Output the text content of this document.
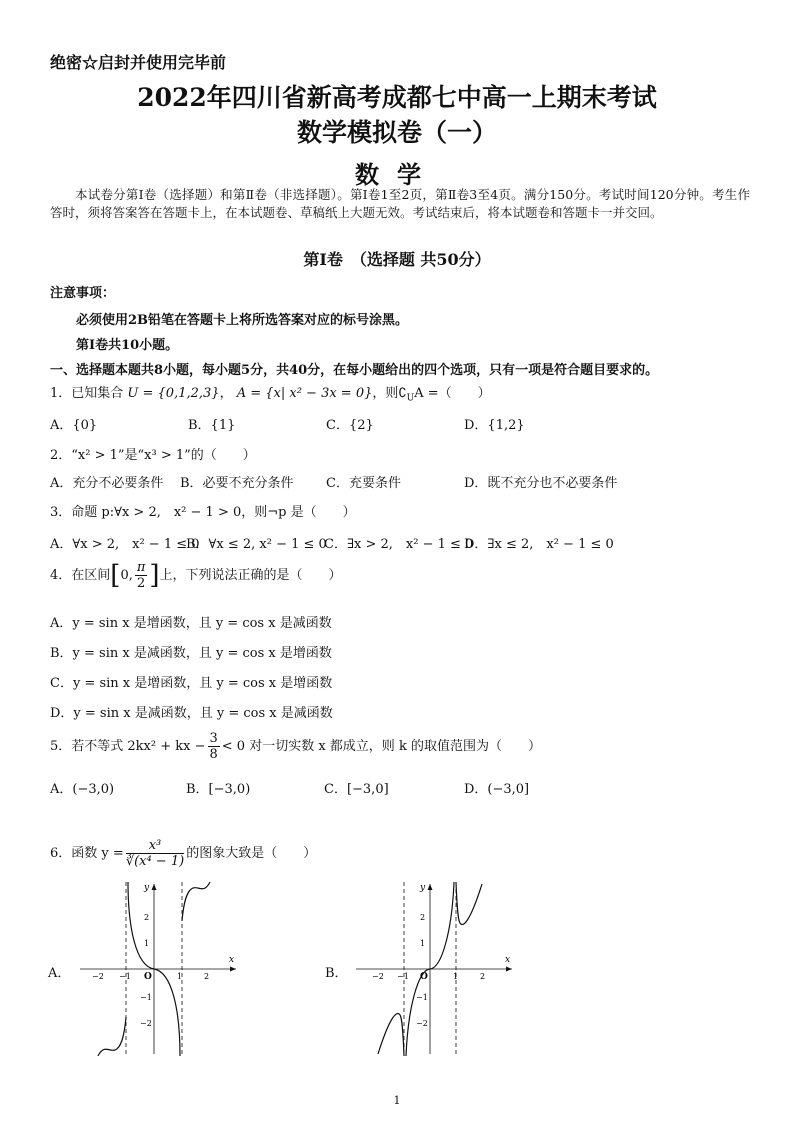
绝密☆启封并使用完毕前
2022年四川省新高考成都七中高一上期末考试
数学模拟卷（一）
数学
本试卷分第Ⅰ卷（选择题）和第Ⅱ卷（非选择题）。第Ⅰ卷1至2页，第Ⅱ卷3至4页。满分150分。考试时间120分钟。考生作答时，须将答案答在答题卡上，在本试题卷、草稿纸上大题无效。考试结束后，将本试题卷和答题卡一并交回。
第Ⅰ卷　（选择题 共50分）
注意事项：
必须使用2B铅笔在答题卡上将所选答案对应的标号涂黑。
第Ⅰ卷共10小题。
一、选择题本题共8小题，每小题5分，共40分，在每小题给出的四个选项，只有一项是符合题目要求的。
1．已知集合 U = {0,1,2,3}， A = {x| x² − 3x = 0}，则$∁_UA$ =（　　）
A．{0}	B．{1}	C．{2}	D．{1,2}
2．“x² > 1”是“x³ > 1”的（　　）
A．充分不必要条件 B．必要不充分条件 C．充要条件	D．既不充分也不必要条件
3．命题 p:∀x > 2,　x² − 1 > 0，则¬p 是（　　）
A．∀x > 2,　x² − 1 ≤ 0
B．∀x ≤ 2, x² − 1 ≤ 0
C．∃x > 2,　x² − 1 ≤ 0
D．∃x ≤ 2,　x² − 1 ≤ 0
4．在区间[0, $\frac{\pi}{2}$ ]上，下列说法正确的是（　　）
A．y = sin x 是增函数，且 y = cos x 是减函数
B．y = sin x 是减函数，且 y = cos x 是增函数
C．y = sin x 是增函数，且 y = cos x 是增函数
D．y = sin x 是减函数，且 y = cos x 是减函数
5．若不等式 2kx² + kx − $\frac{3}{8} < 0$ 对一切实数 x 都成立，则 k 的取值范围为（　　）
A．(−3,0)	B．[−3,0)	C．[−3,0]	D．(−3,0]
6．函数 $y = \frac{\text{x³}}{\text{∛(x⁴ − 1)}}$ 的图象大致是（　　）
A．	B．
x
y
O
−2 −1	1	2
2
1
−1
−2
x
y
O
−2 −1	1	2
2
1
−1
−2
1
